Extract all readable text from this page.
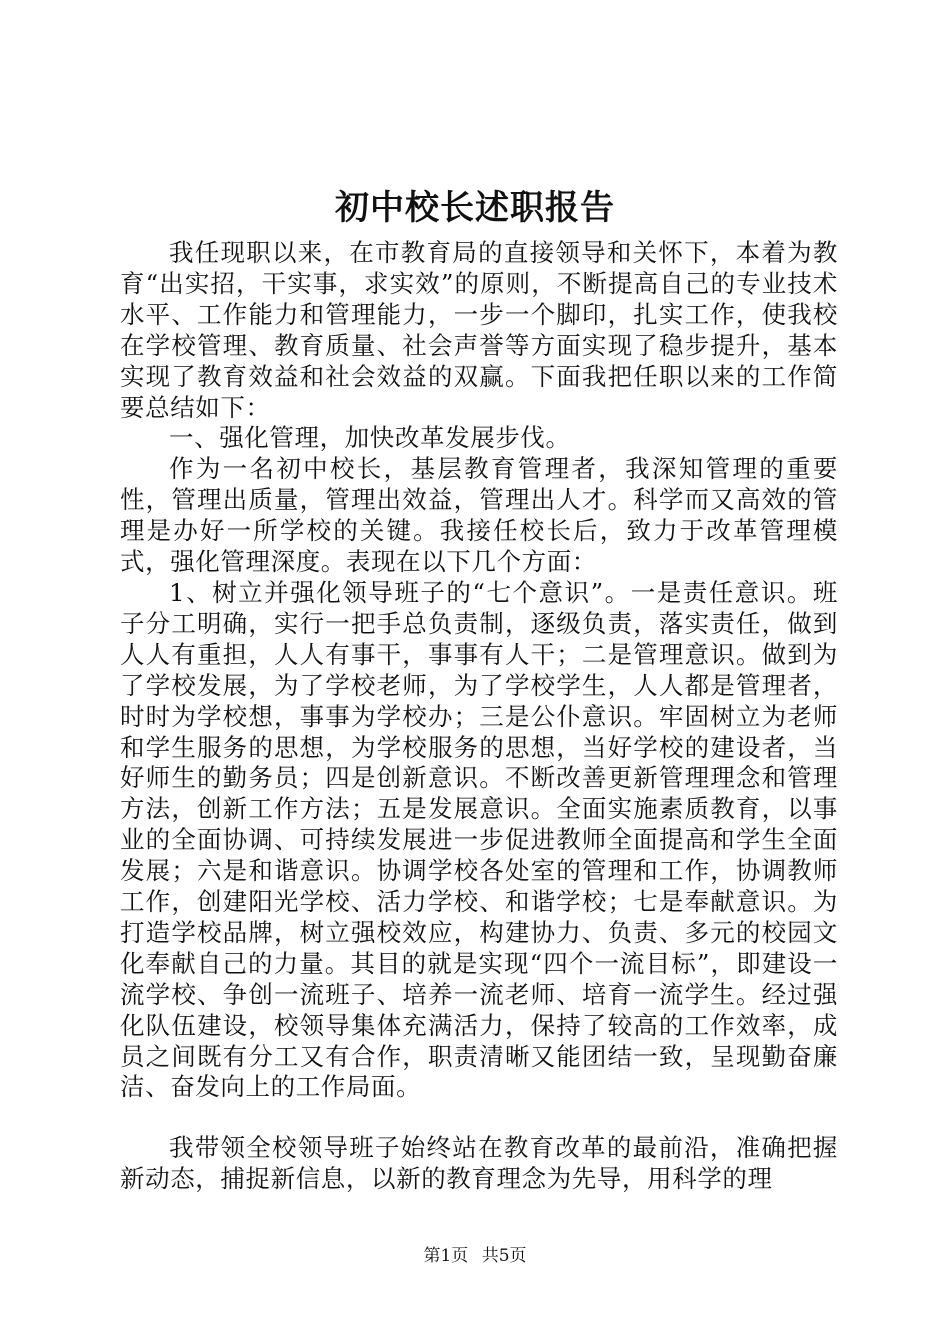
初中校长述职报告

我任现职以来，在市教育局的直接领导和关怀下，本着为教育“出实招，干实事，求实效”的原则，不断提高自己的专业技术水平、工作能力和管理能力，一步一个脚印，扎实工作，使我校在学校管理、教育质量、社会声誉等方面实现了稳步提升，基本实现了教育效益和社会效益的双赢。下面我把任职以来的工作简要总结如下：

一、强化管理，加快改革发展步伐。

作为一名初中校长，基层教育管理者，我深知管理的重要性，管理出质量，管理出效益，管理出人才。科学而又高效的管理是办好一所学校的关键。我接任校长后，致力于改革管理模式，强化管理深度。表现在以下几个方面：

1、树立并强化领导班子的“七个意识”。一是责任意识。班子分工明确，实行一把手总负责制，逐级负责，落实责任，做到人人有重担，人人有事干，事事有人干；二是管理意识。做到为了学校发展，为了学校老师，为了学校学生，人人都是管理者，时时为学校想，事事为学校办；三是公仆意识。牢固树立为老师和学生服务的思想，为学校服务的思想，当好学校的建设者，当好师生的勤务员；四是创新意识。不断改善更新管理理念和管理方法，创新工作方法；五是发展意识。全面实施素质教育，以事业的全面协调、可持续发展进一步促进教师全面提高和学生全面发展；六是和谐意识。协调学校各处室的管理和工作，协调教师工作，创建阳光学校、活力学校、和谐学校；七是奉献意识。为打造学校品牌，树立强校效应，构建协力、负责、多元的校园文化奉献自己的力量。其目的就是实现“四个一流目标”，即建设一流学校、争创一流班子、培养一流老师、培育一流学生。经过强化队伍建设，校领导集体充满活力，保持了较高的工作效率，成员之间既有分工又有合作，职责清晰又能团结一致，呈现勤奋廉洁、奋发向上的工作局面。

我带领全校领导班子始终站在教育改革的最前沿，准确把握新动态，捕捉新信息，以新的教育理念为先导，用科学的理

第1页 共5页
